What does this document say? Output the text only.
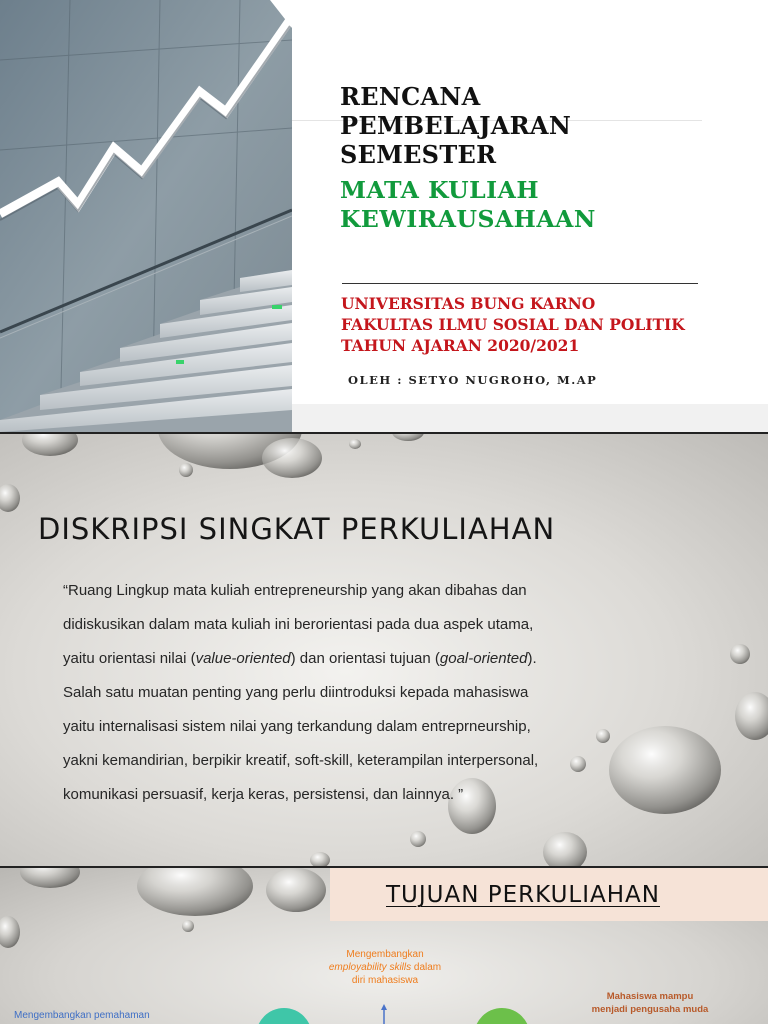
RENCANA
PEMBELAJARAN
SEMESTER
MATA KULIAH
KEWIRAUSAHAAN
UNIVERSITAS BUNG KARNO
FAKULTAS ILMU SOSIAL DAN POLITIK
TAHUN AJARAN 2020/2021
OLEH : SETYO NUGROHO, M.AP
DISKRIPSI SINGKAT PERKULIAHAN
“Ruang Lingkup mata kuliah entrepreneurship yang akan dibahas dan
didiskusikan dalam mata kuliah ini berorientasi pada dua aspek utama,
yaitu orientasi nilai (value-oriented) dan orientasi tujuan (goal-oriented).
Salah satu muatan penting yang perlu diintroduksi kepada mahasiswa
yaitu internalisasi sistem nilai yang terkandung dalam entreprneurship,
yakni kemandirian, berpikir kreatif, soft-skill, keterampilan interpersonal,
komunikasi persuasif, kerja keras, persistensi, dan lainnya. ”
TUJUAN PERKULIAHAN
Mengembangkan
employability skills dalam
diri mahasiswa
Mahasiswa mampu
menjadi pengusaha muda
Mengembangkan pemahaman
